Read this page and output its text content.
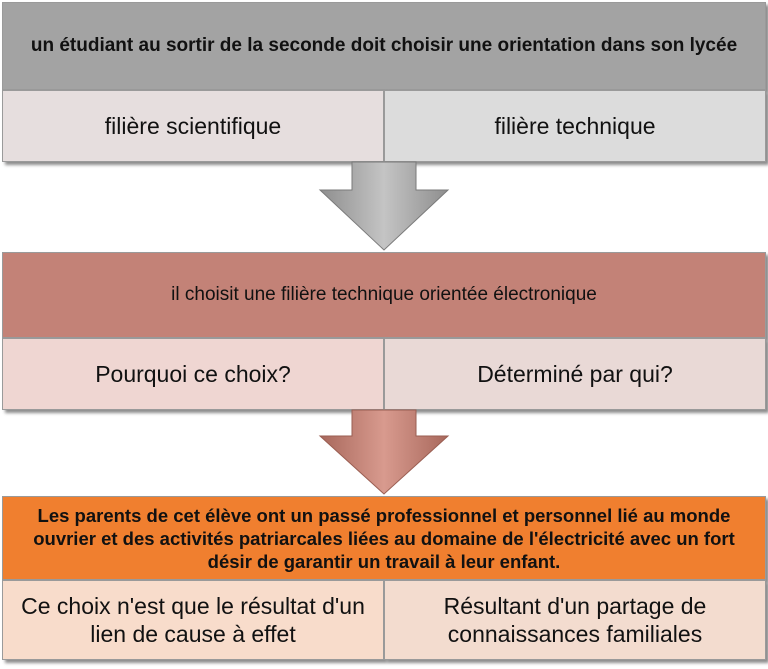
un étudiant au sortir de la seconde doit choisir une orientation dans son lycée
filière scientifique	filière technique
il choisit une filière technique orientée électronique
Pourquoi ce choix?	Déterminé par qui?
Les parents de cet élève ont un passé professionnel et personnel lié au monde ouvrier et des activités patriarcales liées au domaine de l'électricité avec un fort désir de garantir un travail à leur enfant.
Ce choix n'est que le résultat d'un lien de cause à effet
Résultant d'un partage de connaissances familiales
